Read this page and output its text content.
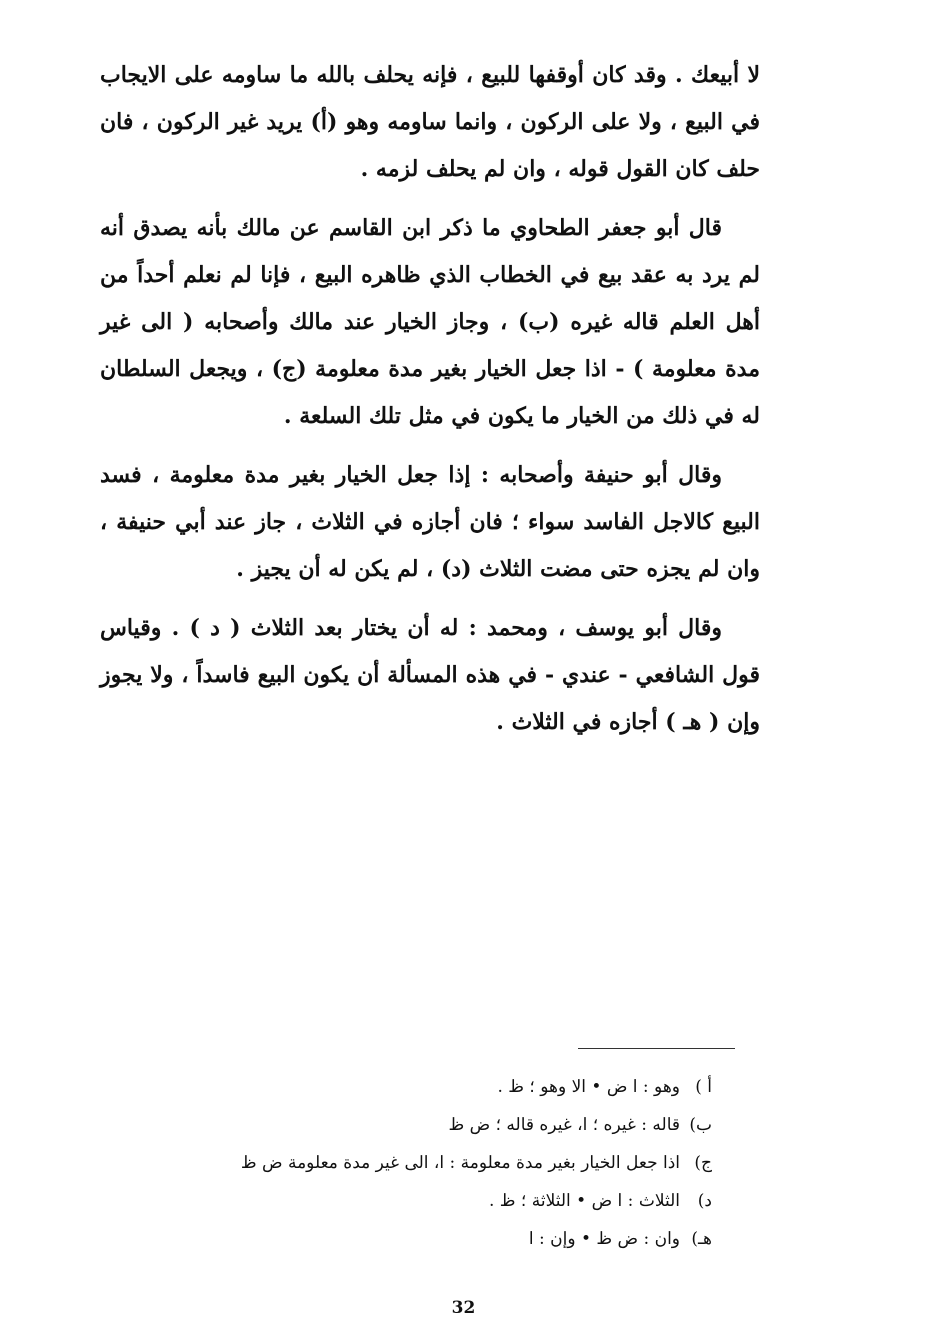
لا أبيعك . وقد كان أوقفها للبيع ، فإنه يحلف بالله ما ساومه على الايجاب في البيع ، ولا على الركون ، وانما ساومه وهو (أ) يريد غير الركون ، فان حلف كان القول قوله ، وان لم يحلف لزمه .

قال أبو جعفر الطحاوي ما ذكر ابن القاسم عن مالك بأنه يصدق أنه لم يرد به عقد بيع في الخطاب الذي ظاهره البيع ، فإنا لم نعلم أحداً من أهل العلم قاله غيره (ب) ، وجاز الخيار عند مالك وأصحابه ( الى غير مدة معلومة ) - اذا جعل الخيار بغير مدة معلومة (ج) ، ويجعل السلطان له في ذلك من الخيار ما يكون في مثل تلك السلعة .

وقال أبو حنيفة وأصحابه : إذا جعل الخيار بغير مدة معلومة ، فسد البيع كالاجل الفاسد سواء ؛ فان أجازه في الثلاث ، جاز عند أبي حنيفة ، وان لم يجزه حتى مضت الثلاث (د) ، لم يكن له أن يجيز .

وقال أبو يوسف ، ومحمد : له أن يختار بعد الثلاث ( د ) . وقياس قول الشافعي - عندي - في هذه المسألة أن يكون البيع فاسداً ، ولا يجوز وإن ( هـ ) أجازه في الثلاث .

أ )
وهو : ا ض • الا وهو ؛ ظ .
ب)
قاله : غيره ؛ ا، غيره قاله ؛ ض ظ
ج)
اذا جعل الخيار بغير مدة معلومة : ا، الى غير مدة معلومة ض ظ
د)
الثلاث : ا ض • الثلاثة ؛ ظ .
هـ)
وان : ض ظ • وإن : ا
32
